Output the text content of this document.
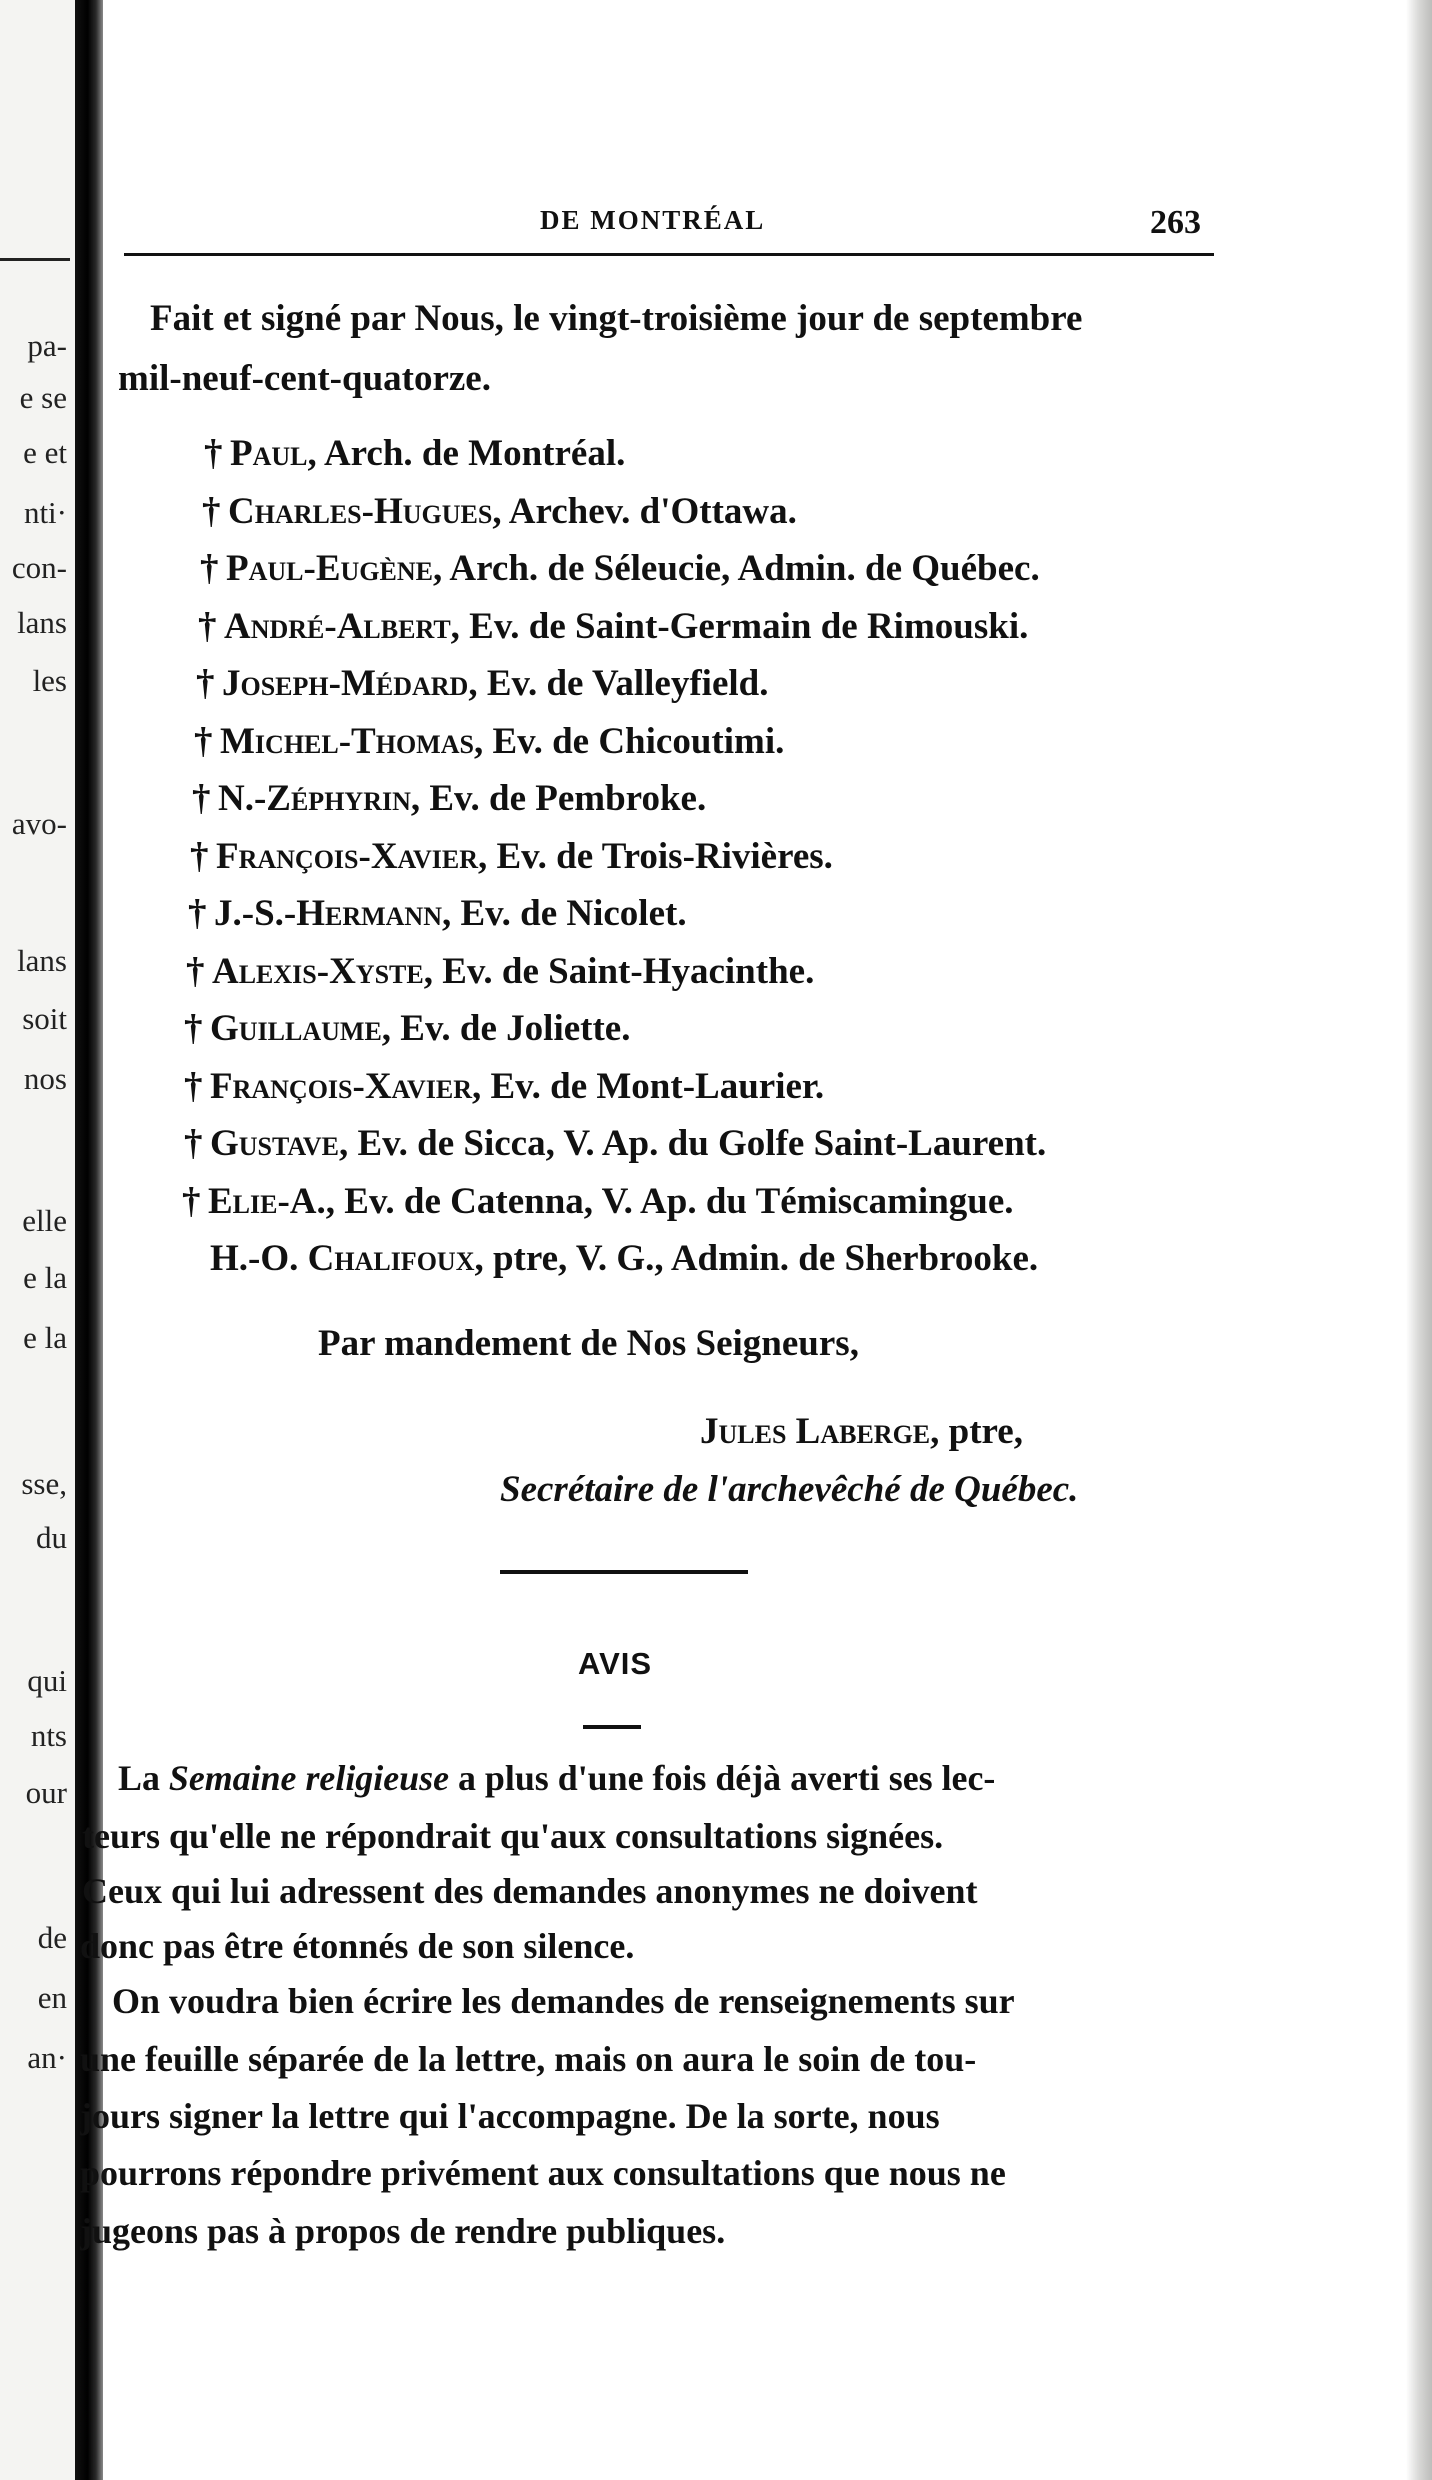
pa-
e se
e et
nti·
con-
lans
les
avo-
lans
soit
nos
elle
e la
e la
sse,
du
qui
nts
our
de
en
an·
DE MONTRÉAL	263
Fait et signé par Nous, le vingt-troisième jour de septembre
mil-neuf-cent-quatorze.
† Paul, Arch. de Montréal.
† Charles-Hugues, Archev. d'Ottawa.
† Paul-Eugène, Arch. de Séleucie, Admin. de Québec.
† André-Albert, Ev. de Saint-Germain de Rimouski.
† Joseph-Médard, Ev. de Valleyfield.
† Michel-Thomas, Ev. de Chicoutimi.
† N.-Zéphyrin, Ev. de Pembroke.
† François-Xavier, Ev. de Trois-Rivières.
† J.-S.-Hermann, Ev. de Nicolet.
† Alexis-Xyste, Ev. de Saint-Hyacinthe.
† Guillaume, Ev. de Joliette.
† François-Xavier, Ev. de Mont-Laurier.
† Gustave, Ev. de Sicca, V. Ap. du Golfe Saint-Laurent.
† Elie-A., Ev. de Catenna, V. Ap. du Témiscamingue.
H.-O. Chalifoux, ptre, V. G., Admin. de Sherbrooke.
Par mandement de Nos Seigneurs,
Jules Laberge, ptre,
Secrétaire de l'archevêché de Québec.
AVIS
La Semaine religieuse a plus d'une fois déjà averti ses lec-
teurs qu'elle ne répondrait qu'aux consultations signées.
Ceux qui lui adressent des demandes anonymes ne doivent
donc pas être étonnés de son silence.
On voudra bien écrire les demandes de renseignements sur
une feuille séparée de la lettre, mais on aura le soin de tou-
jours signer la lettre qui l'accompagne. De la sorte, nous
pourrons répondre privément aux consultations que nous ne
jugeons pas à propos de rendre publiques.
